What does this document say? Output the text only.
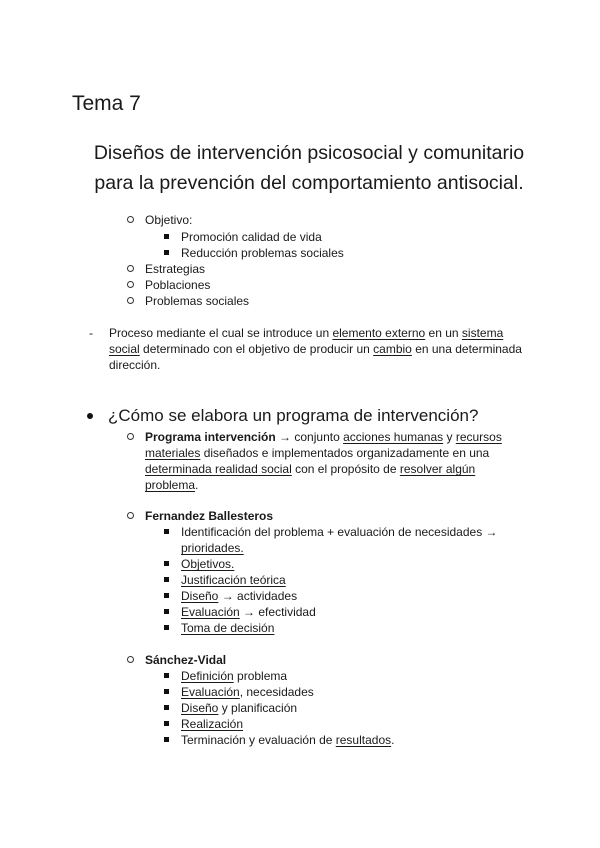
Tema 7
Diseños de intervención psicosocial y comunitario para la prevención del comportamiento antisocial.
Objetivo:
Promoción calidad de vida
Reducción problemas sociales
Estrategias
Poblaciones
Problemas sociales
- Proceso mediante el cual se introduce un elemento externo en un sistema
social determinado con el objetivo de producir un cambio en una determinada
dirección.
¿Cómo se elabora un programa de intervención?
Programa intervención → conjunto acciones humanas y recursos
materiales diseñados e implementados organizadamente en una
determinada realidad social con el propósito de resolver algún
problema.
Fernandez Ballesteros
Identificación del problema + evaluación de necesidades →
prioridades.
Objetivos.
Justificación teórica
Diseño → actividades
Evaluación → efectividad
Toma de decisión
Sánchez-Vidal
Definición problema
Evaluación, necesidades
Diseño y planificación
Realización
Terminación y evaluación de resultados.
